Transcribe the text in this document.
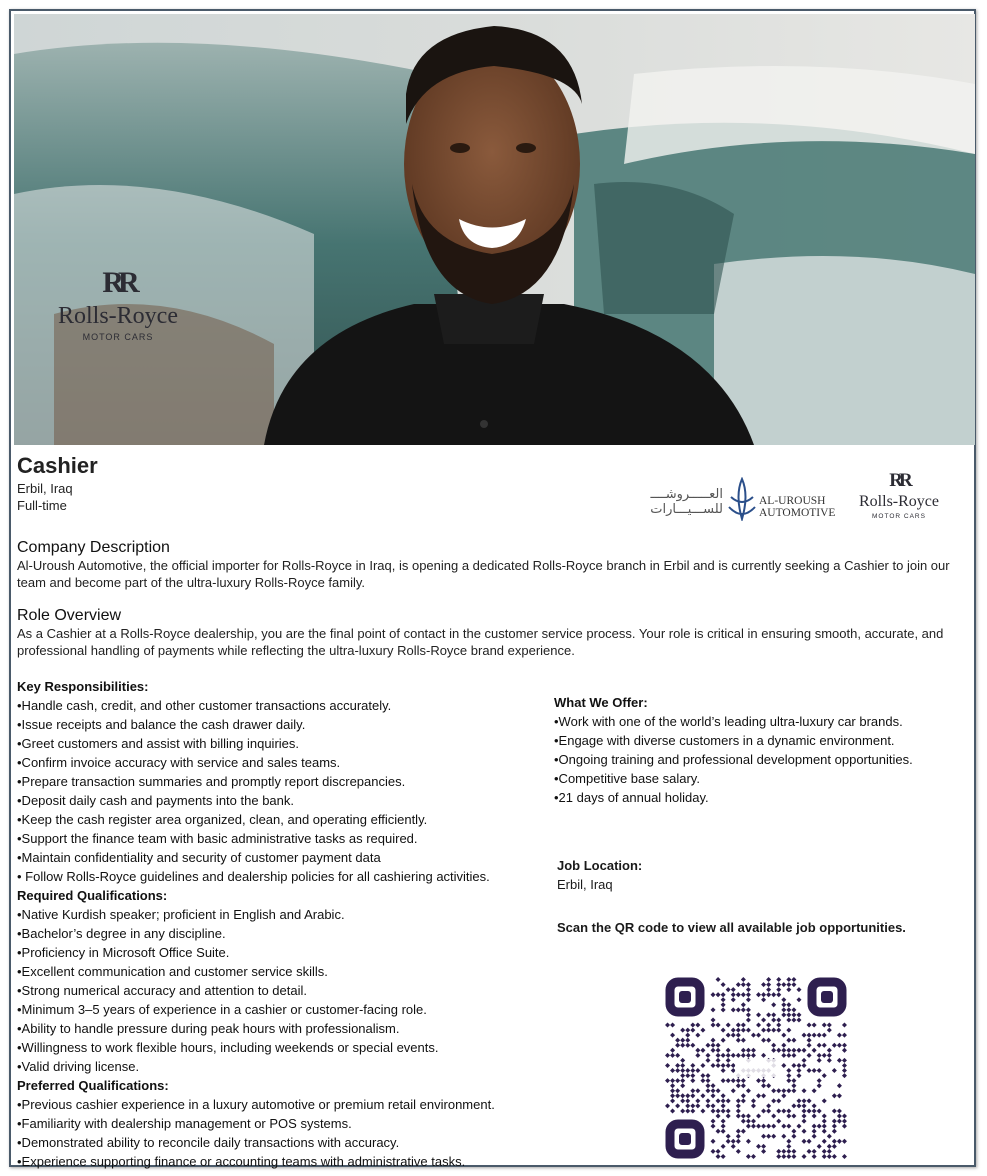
RR
Rolls-Royce
MOTOR CARS
Cashier
Erbil, Iraq
Full-time
العـــــروشــــ
للســـيـــارات
AL-UROUSH
AUTOMOTIVE
RR
Rolls-Royce
MOTOR CARS
Company Description
Al-Uroush Automotive, the official importer for Rolls-Royce in Iraq, is opening a dedicated Rolls-Royce branch in Erbil and is currently seeking a Cashier to join our team and become part of the ultra-luxury Rolls-Royce family.
Role Overview
As a Cashier at a Rolls-Royce dealership, you are the final point of contact in the customer service process. Your role is critical in ensuring smooth, accurate, and professional handling of payments while reflecting the ultra-luxury Rolls-Royce brand experience.
Key Responsibilities:
•Handle cash, credit, and other customer transactions accurately.
•Issue receipts and balance the cash drawer daily.
•Greet customers and assist with billing inquiries.
•Confirm invoice accuracy with service and sales teams.
•Prepare transaction summaries and promptly report discrepancies.
•Deposit daily cash and payments into the bank.
•Keep the cash register area organized, clean, and operating efficiently.
•Support the finance team with basic administrative tasks as required.
•Maintain confidentiality and security of customer payment data
• Follow Rolls-Royce guidelines and dealership policies for all cashiering activities.
Required Qualifications:
•Native Kurdish speaker; proficient in English and Arabic.
•Bachelor’s degree in any discipline.
•Proficiency in Microsoft Office Suite.
•Excellent communication and customer service skills.
•Strong numerical accuracy and attention to detail.
•Minimum 3–5 years of experience in a cashier or customer-facing role.
•Ability to handle pressure during peak hours with professionalism.
•Willingness to work flexible hours, including weekends or special events.
•Valid driving license.
Preferred Qualifications:
•Previous cashier experience in a luxury automotive or premium retail environment.
•Familiarity with dealership management or POS systems.
•Demonstrated ability to reconcile daily transactions with accuracy.
•Experience supporting finance or accounting teams with administrative tasks.
What We Offer:
•Work with one of the world’s leading ultra-luxury car brands.
•Engage with diverse customers in a dynamic environment.
•Ongoing training and professional development opportunities.
•Competitive base salary.
•21 days of annual holiday.
Job Location:
Erbil, Iraq
Scan the QR code to view all available job opportunities.
